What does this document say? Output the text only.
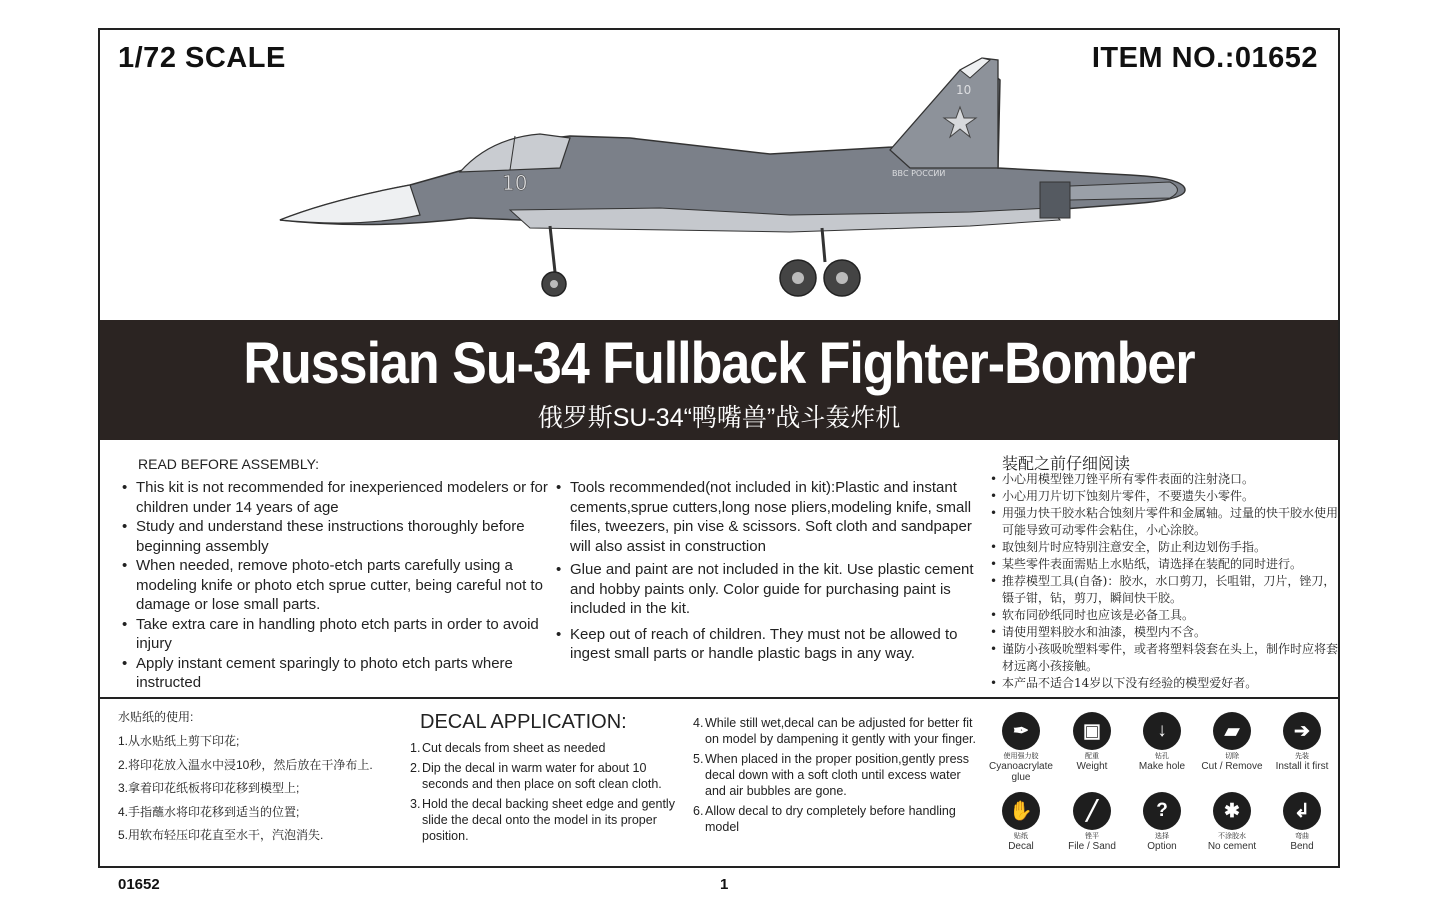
1/72 SCALE	ITEM NO.:01652
10
ВВС РОССИИ
10
Russian Su-34 Fullback Fighter-Bomber
俄罗斯SU-34“鸭嘴兽”战斗轰炸机
READ BEFORE ASSEMBLY:
• This kit is not recommended for inexperienced modelers or for children under 14 years of age
• Study and understand these instructions thoroughly before beginning assembly
• When needed, remove photo-etch parts carefully using a modeling knife or photo etch sprue cutter, being careful not to damage or lose small parts.
• Take extra care in handling photo etch parts in order to avoid injury
• Apply instant cement sparingly to photo etch parts where instructed
• Tools recommended(not included in kit):Plastic and instant cements,sprue cutters,long nose pliers,modeling knife, small files, tweezers, pin vise & scissors. Soft cloth and sandpaper will also assist in construction
• Glue and paint are not included in the kit. Use plastic cement and hobby paints only. Color guide for purchasing paint is included in the kit.
• Keep out of reach of children. They must not be allowed to ingest small parts or handle plastic bags in any way.
装配之前仔细阅读
• 小心用模型锉刀锉平所有零件表面的注射浇口。
• 小心用刀片切下蚀刻片零件，不要遗失小零件。
• 用强力快干胶水粘合蚀刻片零件和金属轴。过量的快干胶水使用可能导致可动零件会粘住，小心涂胶。
• 取蚀刻片时应特别注意安全，防止利边划伤手指。
• 某些零件表面需贴上水贴纸，请选择在装配的同时进行。
• 推荐模型工具(自备)：胶水，水口剪刀，长咀钳，刀片，锉刀，镊子钳，钻，剪刀，瞬间快干胶。
• 软布同砂纸同时也应该是必备工具。
• 请使用塑料胶水和油漆，模型内不含。
• 谨防小孩吸吮塑料零件，或者将塑料袋套在头上，制作时应将套材远离小孩接触。
• 本产品不适合14岁以下没有经验的模型爱好者。
水贴纸的使用:
1.从水贴纸上剪下印花;
2.将印花放入温水中浸10秒，然后放在干净布上.
3.拿着印花纸板将印花移到模型上;
4.手指蘸水将印花移到适当的位置;
5.用软布轻压印花直至水干，汽泡消失.
DECAL APPLICATION:
1. Cut decals from sheet as needed
2. Dip the decal in warm water for about 10 seconds and then place on soft clean cloth.
3. Hold the decal backing sheet edge and gently slide the decal onto the model in its proper position.
4. While still wet,decal can be adjusted for better fit on model by dampening it gently with your finger.
5. When placed in the proper position,gently press decal down with a soft cloth until excess water and air bubbles are gone.
6. Allow decal to dry completely before handling model
✒
使用强力胶
Cyanoacrylate glue
▣
配重
Weight
↓
钻孔
Make hole
▰
切除
Cut / Remove
➔
先装
Install it first
✋
贴纸
Decal
╱
锉平
File / Sand
?
选择
Option
✱
不涂胶水
No cement
↲
弯曲
Bend
01652	1
